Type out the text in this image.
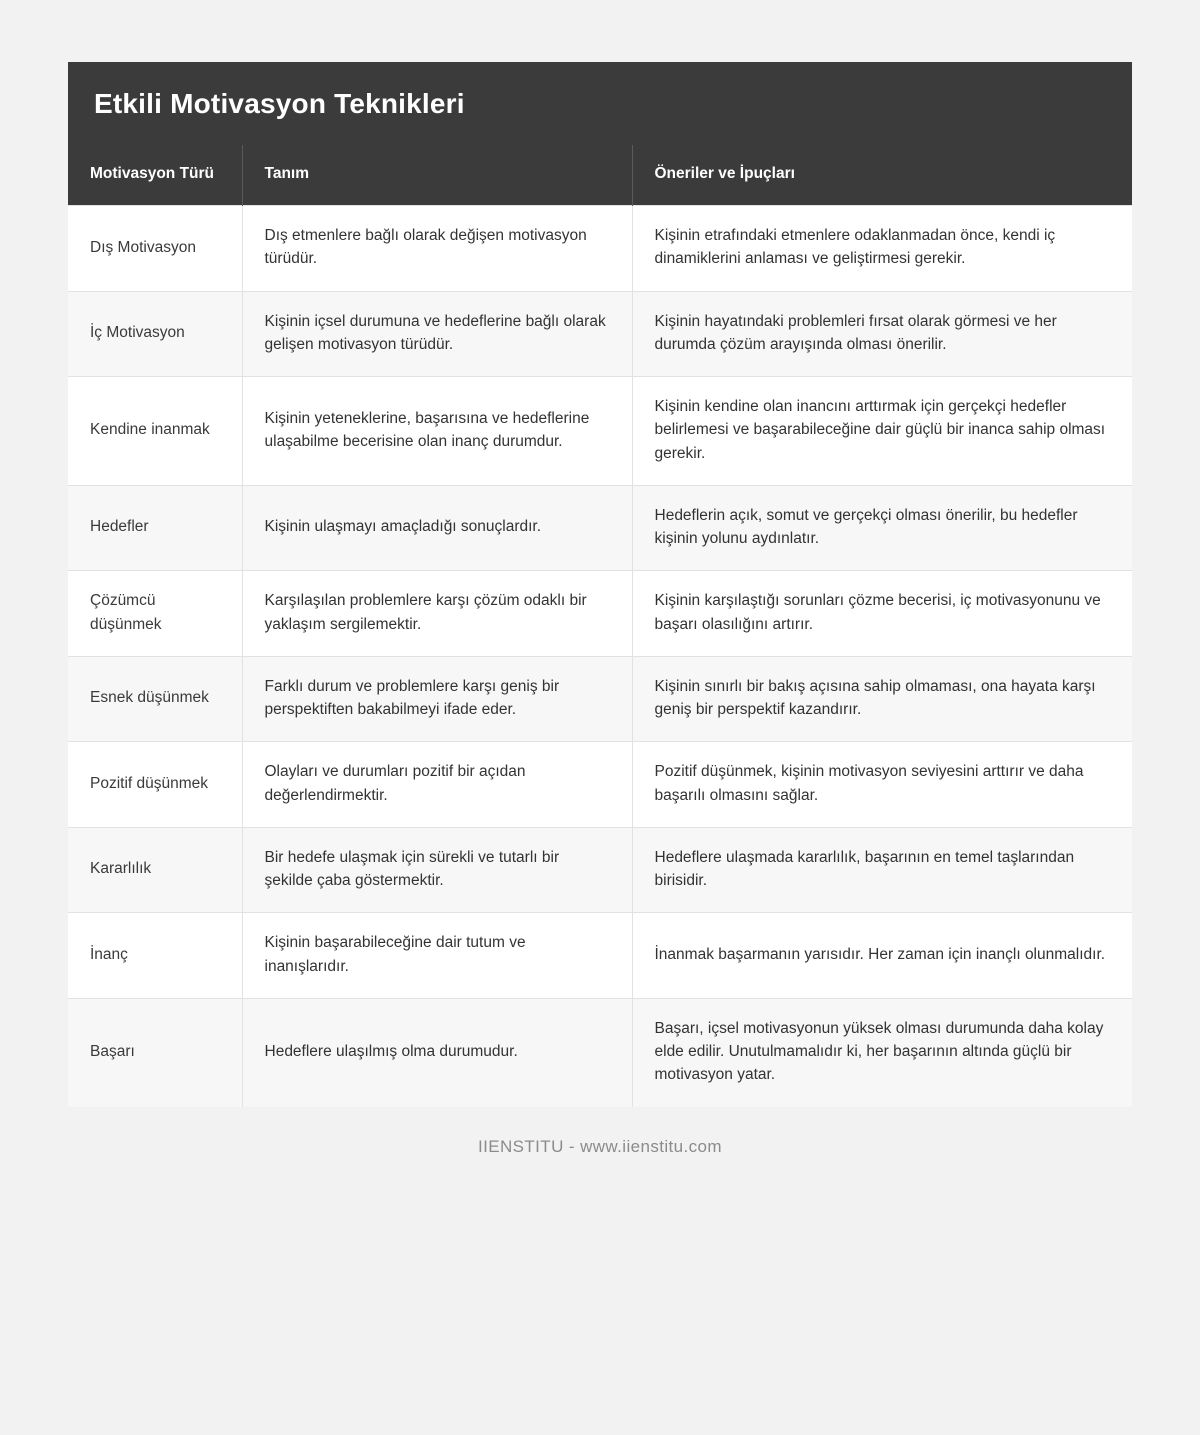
Etkili Motivasyon Teknikleri
Motivasyon Türü	Tanım	Öneriler ve İpuçları
Dış Motivasyon	Dış etmenlere bağlı olarak değişen motivasyon türüdür.	Kişinin etrafındaki etmenlere odaklanmadan önce, kendi iç dinamiklerini anlaması ve geliştirmesi gerekir.
İç Motivasyon	Kişinin içsel durumuna ve hedeflerine bağlı olarak gelişen motivasyon türüdür.	Kişinin hayatındaki problemleri fırsat olarak görmesi ve her durumda çözüm arayışında olması önerilir.
Kendine inanmak	Kişinin yeteneklerine, başarısına ve hedeflerine ulaşabilme becerisine olan inanç durumdur.	Kişinin kendine olan inancını arttırmak için gerçekçi hedefler belirlemesi ve başarabileceğine dair güçlü bir inanca sahip olması gerekir.
Hedefler	Kişinin ulaşmayı amaçladığı sonuçlardır.	Hedeflerin açık, somut ve gerçekçi olması önerilir, bu hedefler kişinin yolunu aydınlatır.
Çözümcü düşünmek	Karşılaşılan problemlere karşı çözüm odaklı bir yaklaşım sergilemektir.	Kişinin karşılaştığı sorunları çözme becerisi, iç motivasyonunu ve başarı olasılığını artırır.
Esnek düşünmek	Farklı durum ve problemlere karşı geniş bir perspektiften bakabilmeyi ifade eder.	Kişinin sınırlı bir bakış açısına sahip olmaması, ona hayata karşı geniş bir perspektif kazandırır.
Pozitif düşünmek	Olayları ve durumları pozitif bir açıdan değerlendirmektir.	Pozitif düşünmek, kişinin motivasyon seviyesini arttırır ve daha başarılı olmasını sağlar.
Kararlılık	Bir hedefe ulaşmak için sürekli ve tutarlı bir şekilde çaba göstermektir.	Hedeflere ulaşmada kararlılık, başarının en temel taşlarından birisidir.
İnanç	Kişinin başarabileceğine dair tutum ve inanışlarıdır.	İnanmak başarmanın yarısıdır. Her zaman için inançlı olunmalıdır.
Başarı	Hedeflere ulaşılmış olma durumudur.	Başarı, içsel motivasyonun yüksek olması durumunda daha kolay elde edilir. Unutulmamalıdır ki, her başarının altında güçlü bir motivasyon yatar.
IIENSTITU - www.iienstitu.com
